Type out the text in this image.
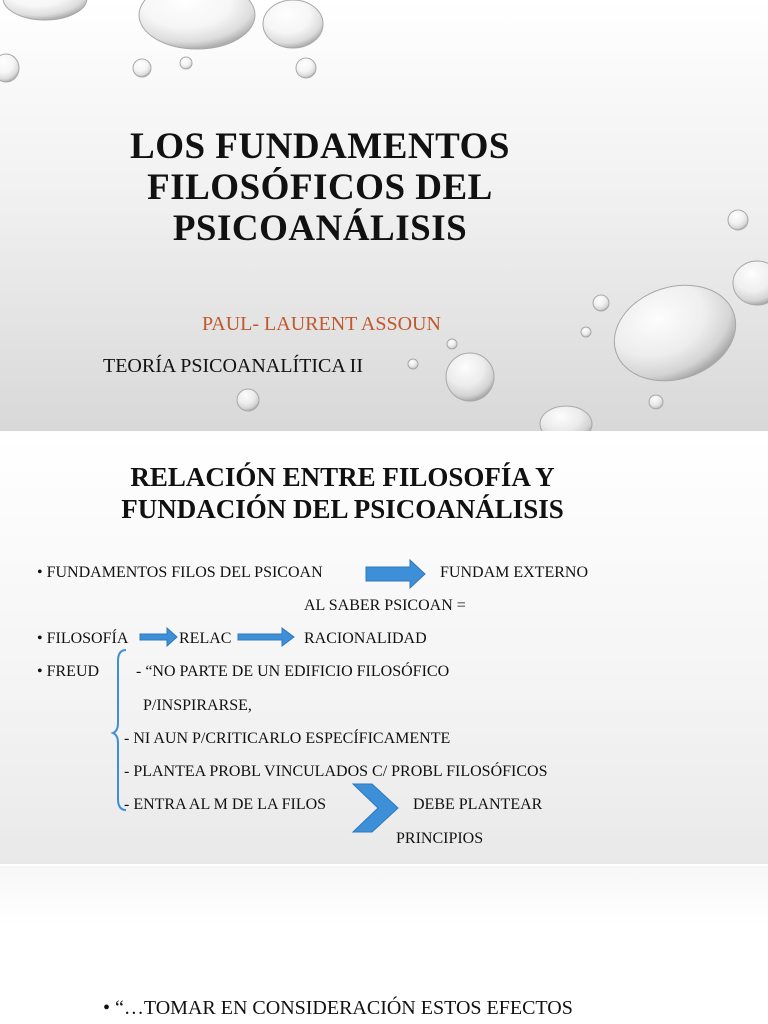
LOS FUNDAMENTOS FILOSÓFICOS DEL PSICOANÁLISIS

PAUL- LAURENT ASSOUN

TEORÍA PSICOANALÍTICA II

RELACIÓN ENTRE FILOSOFÍA Y
FUNDACIÓN DEL PSICOANÁLISIS
• FUNDAMENTOS FILOS DEL PSICOAN	FUNDAM EXTERNO
AL SABER PSICOAN =
• FILOSOFÍA	RELAC	RACIONALIDAD
• FREUD - “NO PARTE DE UN EDIFICIO FILOSÓFICO
P/INSPIRARSE,
- NI AUN P/CRITICARLO ESPECÍFICAMENTE
- PLANTEA PROBL VINCULADOS C/ PROBL FILOSÓFICOS
- ENTRA AL M DE LA FILOS	DEBE PLANTEAR
PRINCIPIOS
• “…TOMAR EN CONSIDERACIÓN ESTOS EFECTOS
